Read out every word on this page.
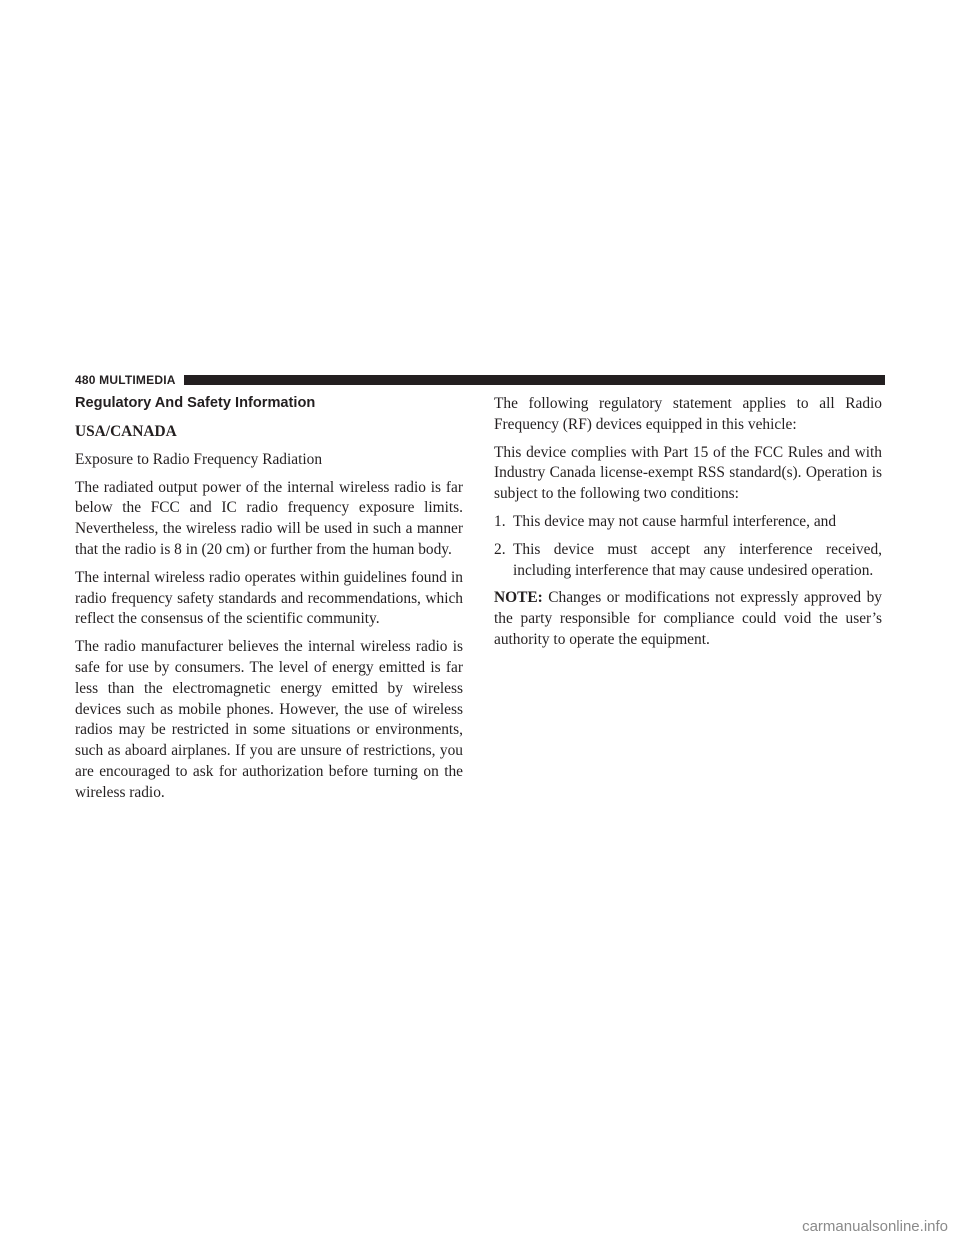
480 MULTIMEDIA
Regulatory And Safety Information
USA/CANADA

Exposure to Radio Frequency Radiation

The radiated output power of the internal wireless radio is far below the FCC and IC radio frequency exposure limits. Nevertheless, the wireless radio will be used in such a manner that the radio is 8 in (20 cm) or further from the human body.

The internal wireless radio operates within guidelines found in radio frequency safety standards and recommendations, which reflect the consensus of the scientific community.

The radio manufacturer believes the internal wireless radio is safe for use by consumers. The level of energy emitted is far less than the electromagnetic energy emitted by wireless devices such as mobile phones. However, the use of wireless radios may be restricted in some situations or environments, such as aboard airplanes. If you are unsure of restrictions, you are encouraged to ask for authorization before turning on the wireless radio.

The following regulatory statement applies to all Radio Frequency (RF) devices equipped in this vehicle:

This device complies with Part 15 of the FCC Rules and with Industry Canada license-exempt RSS standard(s). Operation is subject to the following two conditions:

1. This device may not cause harmful interference, and
2. This device must accept any interference received, including interference that may cause undesired operation.

NOTE: Changes or modifications not expressly approved by the party responsible for compliance could void the user’s authority to operate the equipment.

carmanualsonline.info
